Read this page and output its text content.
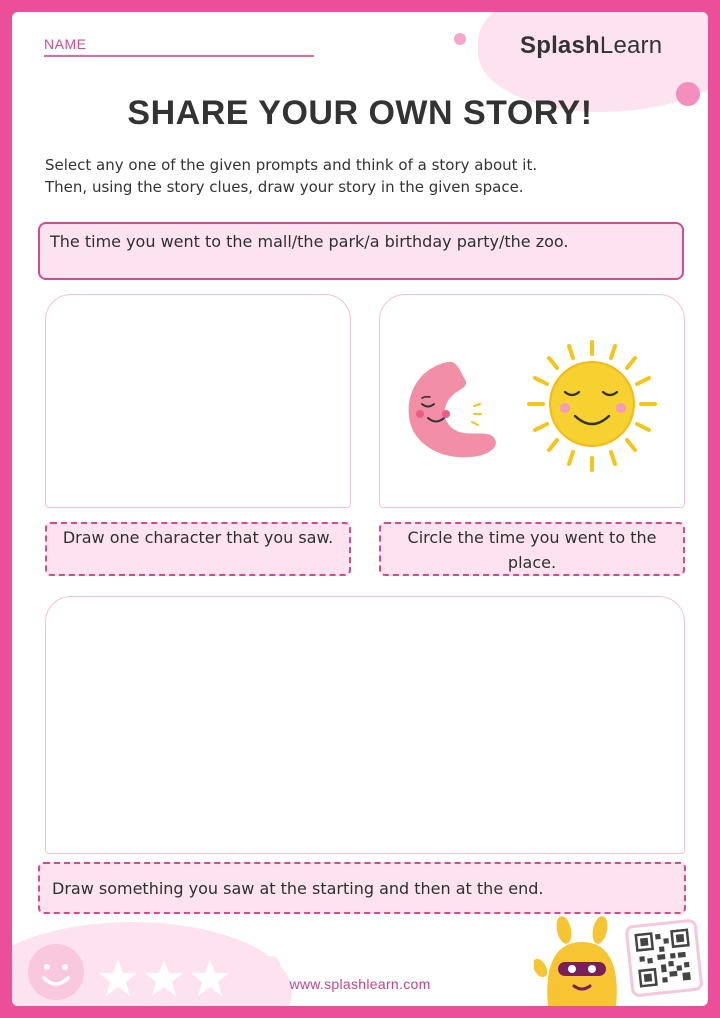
NAME	SplashLearn
SHARE YOUR OWN STORY!
Select any one of the given prompts and think of a story about it.
Then, using the story clues, draw your story in the given space.
The time you went to the mall/the park/a birthday party/the zoo.
Draw one character that you saw.	Circle the time you went to the place.
Draw something you saw at the starting and then at the end.
www.splashlearn.com
